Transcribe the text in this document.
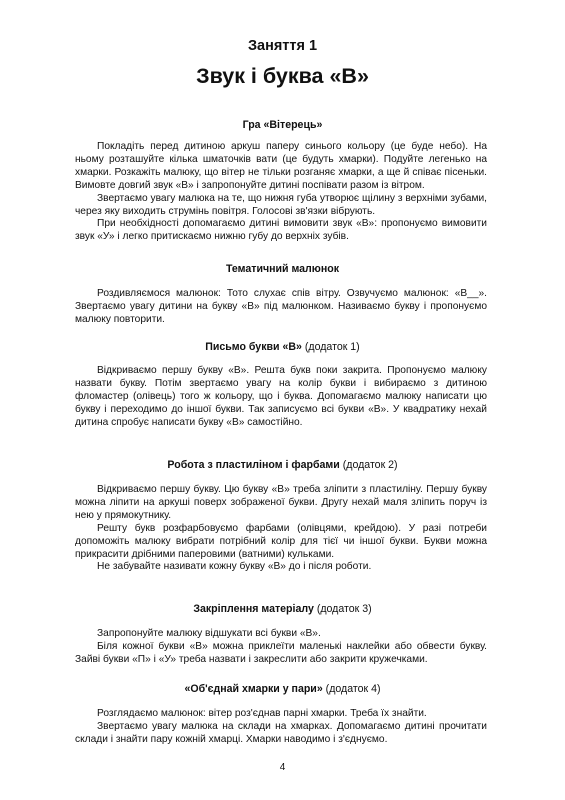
Заняття 1
Звук і буква «В»
Гра «Вітерець»

Покладіть перед дитиною аркуш паперу синього кольору (це буде небо). На ньому розташуйте кілька шматочків вати (це будуть хмарки). Подуйте легенько на хмарки. Розкажіть малюку, що вітер не тільки розганяє хмарки, а ще й співає пісеньки. Вимовте довгий звук «В» і запропонуйте дитині поспівати разом із вітром.

Звертаємо увагу малюка на те, що нижня губа утворює щілину з верхніми зубами, через яку виходить струмінь повітря. Голосові зв'язки вібрують.

При необхідності допомагаємо дитині вимовити звук «В»: пропонуємо вимовити звук «У» і легко притискаємо нижню губу до верхніх зубів.

Тематичний малюнок

Роздивляємося малюнок: Тото слухає спів вітру. Озвучуємо малюнок: «В__». Звертаємо увагу дитини на букву «В» під малюнком. Називаємо букву і пропонуємо малюку повторити.

Письмо букви «В» (додаток 1)

Відкриваємо першу букву «В». Решта букв поки закрита. Пропонуємо малюку назвати букву. Потім звертаємо увагу на колір букви і вибираємо з дитиною фломастер (олівець) того ж кольору, що і буква. Допомагаємо малюку написати цю букву і переходимо до іншої букви. Так записуємо всі букви «В». У квадратику нехай дитина спробує написати букву «В» самостійно.

Робота з пластиліном і фарбами (додаток 2)

Відкриваємо першу букву. Цю букву «В» треба зліпити з пластиліну. Першу букву можна ліпити на аркуші поверх зображеної букви. Другу нехай маля зліпить поруч із нею у прямокутнику.

Решту букв розфарбовуємо фарбами (олівцями, крейдою). У разі потреби допоможіть малюку вибрати потрібний колір для тієї чи іншої букви. Букви можна прикрасити дрібними паперовими (ватними) кульками.

Не забувайте називати кожну букву «В» до і після роботи.

Закріплення матеріалу (додаток 3)

Запропонуйте малюку відшукати всі букви «В».

Біля кожної букви «В» можна приклеїти маленькі наклейки або обвести букву. Зайві букви «П» і «У» треба назвати і закреслити або закрити кружечками.

«Об'єднай хмарки у пари» (додаток 4)

Розглядаємо малюнок: вітер роз'єднав парні хмарки. Треба їх знайти.

Звертаємо увагу малюка на склади на хмарках. Допомагаємо дитині прочитати склади і знайти пару кожній хмарці. Хмарки наводимо і з'єднуємо.

4
